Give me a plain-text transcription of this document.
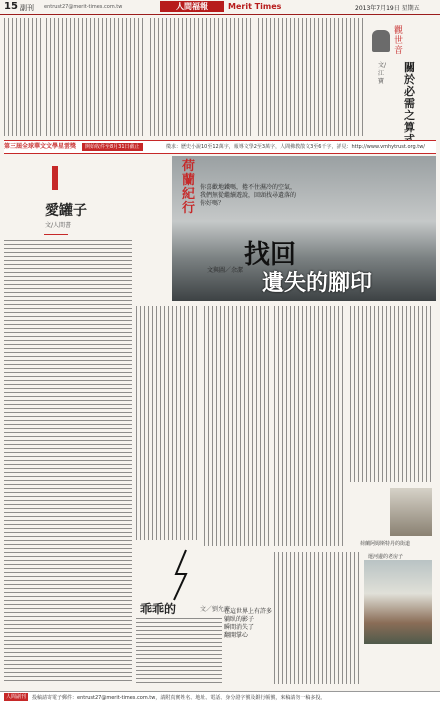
15 副刊 entrust27@merit-times.com.tw	人間福報	Merit Times	2013年7月19日 星期五
觀世音
關於必需之算
文/江寶
第三屆全球華文文學星雲獎	開始收件至8月31日截止	徵求：歷史小說10至12萬字，報導文學2至3萬字，人間佛教散文3至6千字，詳見：http://www.vmhytrust.org.tw/
愛罐子
文/人間書
荷蘭紀行
你喜歡地鐵嗎，捲不住濕冷的空氣，
我們無從繼續遊說，回頭找尋遺落的
你好嗎？
找回
遺失的腳印
文與圖／余潔
荷蘭阿姆斯特丹的街道
運河邊的老房子
乖乖的	文／劉允慶
在這世界上有許多
躺臥的影子
瞬間消失了
翻開掌心
人間副刊	投稿請寄電子郵件：entrust27@merit-times.com.tw，請附真實姓名、地址、電話、身分證字號及銀行帳號，來稿請勿一稿多投。
